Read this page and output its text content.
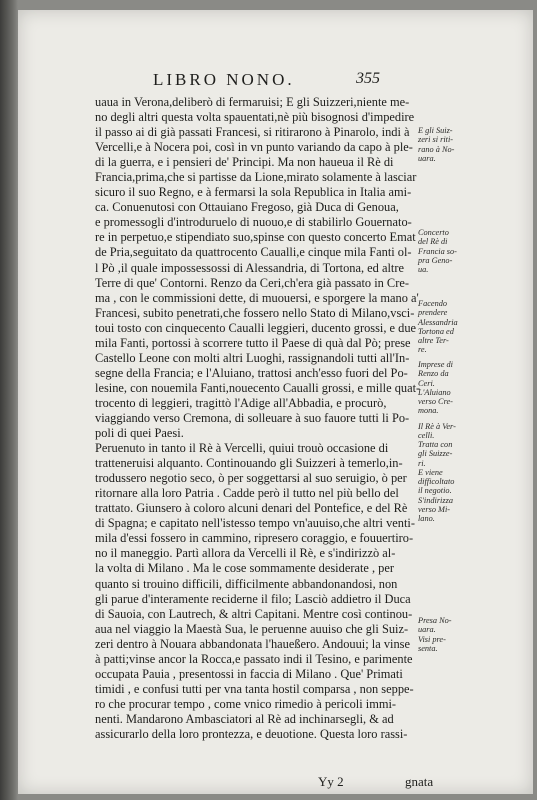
LIBRO NONO.	355
uaua in Verona,deliberò di fermaruisi; E gli Suizzeri,niente me-
no degli altri questa volta spauentati,nè più bisognosi d'impedire
il passo ai di già passati Francesi, si ritirarono à Pinarolo, indi à
Vercelli,e à Nocera poi, così in vn punto variando da capo à ple-
di la guerra, e i pensieri de' Principi. Ma non haueua il Rè di
Francia,prima,che si partisse da Lione,mirato solamente à lasciar
sicuro il suo Regno, e à fermarsi la sola Republica in Italia ami-
ca. Conuenutosi con Ottauiano Fregoso, già Duca di Genoua,
e promessogli d'introduruelo di nuouo,e di stabilirlo Gouernato-
re in perpetuo,e stipendiato suo,spinse con questo concerto Emat
de Pria,seguitato da quattrocento Caualli,e cinque mila Fanti ol-
l Pò ,il quale impossessossi di Alessandria, di Tortona, ed altre
Terre di que' Contorni. Renzo da Ceri,ch'era già passato in Cre-
ma , con le commissioni dette, di muouersi, e sporgere la mano a'
Francesi, subito penetrati,che fossero nello Stato di Milano,vsci-
toui tosto con cinquecento Caualli leggieri, ducento grossi, e due
mila Fanti, portossi à scorrere tutto il Paese di quà dal Pò; prese
Castello Leone con molti altri Luoghi, rassignandoli tutti all'In-
segne della Francia; e l'Aluiano, trattosi anch'esso fuori del Po-
lesine, con nouemila Fanti,nouecento Caualli grossi, e mille quat-
trocento di leggieri, tragittò l'Adige all'Abbadia, e procurò,
viaggiando verso Cremona, di solleuare à suo fauore tutti li Po-
poli di quei Paesi.
Peruenuto in tanto il Rè à Vercelli, quiui trouò occasione di
tratteneruisi alquanto. Continouando gli Suizzeri à temerlo,in-
trodussero negotio seco, ò per soggettarsi al suo seruigio, ò per
ritornare alla loro Patria . Cadde però il tutto nel più bello del
trattato. Giunsero à coloro alcuni denari del Pontefice, e del Rè
di Spagna; e capitato nell'istesso tempo vn'auuiso,che altri venti-
mila d'essi fossero in cammino, ripresero coraggio, e fouuertiro-
no il maneggio. Partì allora da Vercelli il Rè, e s'indirizzò al-
la volta di Milano . Ma le cose sommamente desiderate , per
quanto si trouino difficili, difficilmente abbandonandosi, non
gli parue d'interamente reciderne il filo; Lasciò addietro il Duca
di Sauoia, con Lautrech, & altri Capitani. Mentre così continou-
aua nel viaggio la Maestà Sua, le peruenne auuiso che gli Suiz-
zeri dentro à Nouara abbandonata l'haueßero. Andouui; la vinse
à patti;vinse ancor la Rocca,e passato indi il Tesino, e parimente
occupata Pauia , presentossi in faccia di Milano . Que' Primati
timidi , e confusi tutti per vna tanta hostil comparsa , non seppe-
ro che procurar tempo , come vnico rimedio à pericoli immi-
nenti. Mandarono Ambasciatori al Rè ad inchinarsegli, & ad
assicurarlo della loro prontezza, e deuotione. Questa loro rassi-
E gli Suiz-
zeri si riti-
rano à No-
uara.
Concerto
del Rè di
Francia so-
pra Geno-
ua.
Facendo
prendere
Alessandria
Tortona ed
altre Ter-
re.
Imprese di
Renzo da
Ceri.
L'Aluiano
verso Cre-
mona.
Il Rè à Ver-
celli.
Tratta con
gli Suizze-
ri.
E viene
difficoltato
il negotio.
S'indirizza
verso Mi-
lano.
Presa No-
uara.
Visi pre-
senta.
Yy 2	gnata
